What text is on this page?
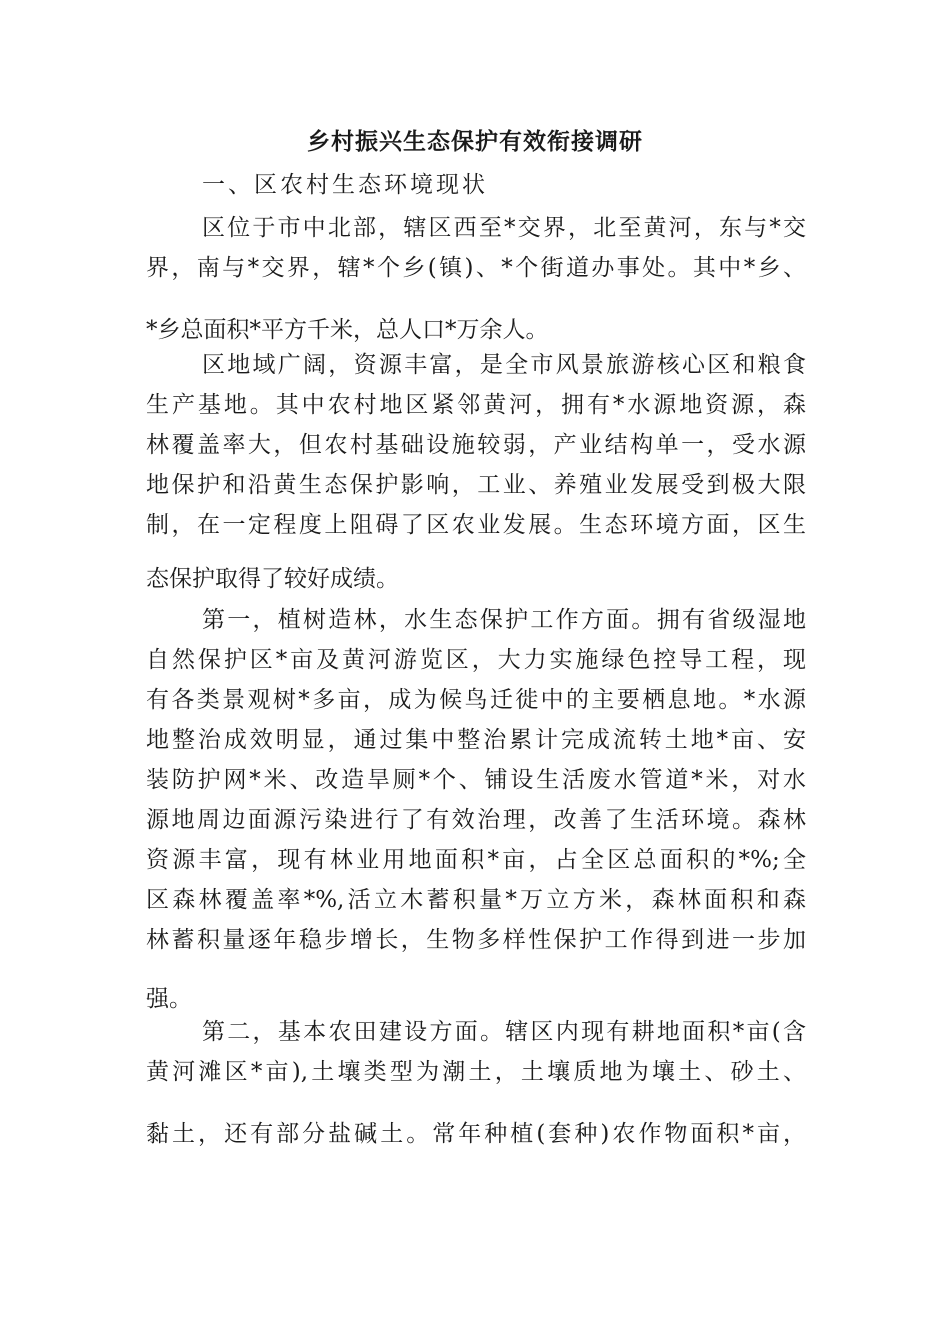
乡村振兴生态保护有效衔接调研
一、区农村生态环境现状
区位于市中北部，辖区西至*交界，北至黄河，东与*交
界，南与*交界，辖*个乡(镇)、*个街道办事处。其中*乡、
*乡总面积*平方千米，总人口*万余人。
区地域广阔，资源丰富，是全市风景旅游核心区和粮食
生产基地。其中农村地区紧邻黄河，拥有*水源地资源，森
林覆盖率大，但农村基础设施较弱，产业结构单一，受水源
地保护和沿黄生态保护影响，工业、养殖业发展受到极大限
制，在一定程度上阻碍了区农业发展。生态环境方面，区生
态保护取得了较好成绩。
第一，植树造林，水生态保护工作方面。拥有省级湿地
自然保护区*亩及黄河游览区，大力实施绿色控导工程，现
有各类景观树*多亩，成为候鸟迁徙中的主要栖息地。*水源
地整治成效明显，通过集中整治累计完成流转土地*亩、安
装防护网*米、改造旱厕*个、铺设生活废水管道*米，对水
源地周边面源污染进行了有效治理，改善了生活环境。森林
资源丰富，现有林业用地面积*亩，占全区总面积的*%;全
区森林覆盖率*%,活立木蓄积量*万立方米，森林面积和森
林蓄积量逐年稳步增长，生物多样性保护工作得到进一步加
强。
第二，基本农田建设方面。辖区内现有耕地面积*亩(含
黄河滩区*亩),土壤类型为潮土，土壤质地为壤土、砂土、
黏土，还有部分盐碱土。常年种植(套种)农作物面积*亩，
